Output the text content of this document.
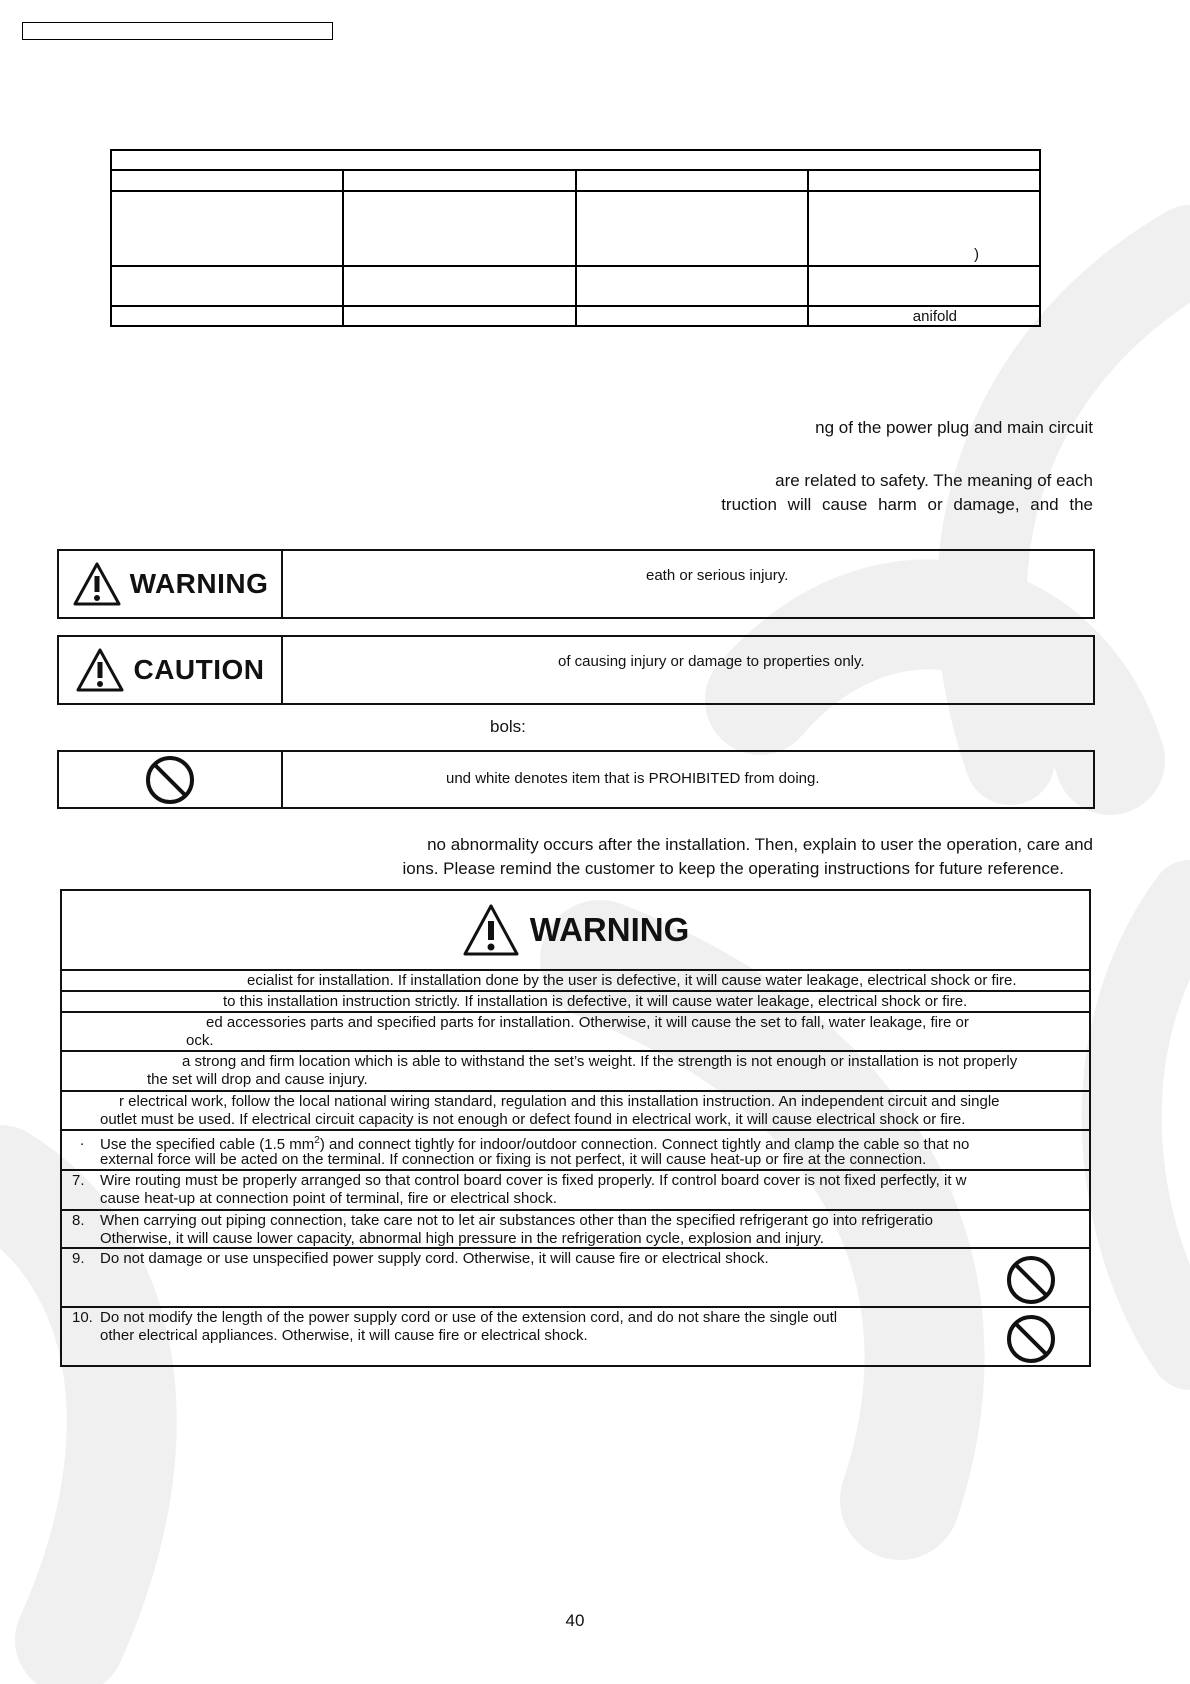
			)

			anifold
ng of the power plug and main circuit
are related to safety. The meaning of each
truction will cause harm or damage, and the
WARNING	eath or serious injury.
CAUTION	of causing injury or damage to properties only.
bols:
und white denotes item that is PROHIBITED from doing.
no abnormality occurs after the installation. Then, explain to user the operation, care and
ions. Please remind the customer to keep the operating instructions for future reference.
WARNING
ecialist for installation. If installation done by the user is defective, it will cause water leakage, electrical shock or fire.
to this installation instruction strictly. If installation is defective, it will cause water leakage, electrical shock or fire.
ed accessories parts and specified parts for installation. Otherwise, it will cause the set to fall, water leakage, fire or
ock.
a strong and firm location which is able to withstand the set’s weight. If the strength is not enough or installation is not properly
the set will drop and cause injury.
r electrical work, follow the local national wiring standard, regulation and this installation instruction. An independent circuit and single
outlet must be used. If electrical circuit capacity is not enough or defect found in electrical work, it will cause electrical shock or fire.
. Use the specified cable (1.5 $mm^2$) and connect tightly for indoor/outdoor connection. Connect tightly and clamp the cable so that no
external force will be acted on the terminal. If connection or fixing is not perfect, it will cause heat-up or fire at the connection.
7. Wire routing must be properly arranged so that control board cover is fixed properly. If control board cover is not fixed perfectly, it w
cause heat-up at connection point of terminal, fire or electrical shock.
8. When carrying out piping connection, take care not to let air substances other than the specified refrigerant go into refrigeratio
Otherwise, it will cause lower capacity, abnormal high pressure in the refrigeration cycle, explosion and injury.
9. Do not damage or use unspecified power supply cord. Otherwise, it will cause fire or electrical shock.
10. Do not modify the length of the power supply cord or use of the extension cord, and do not share the single outl
other electrical appliances. Otherwise, it will cause fire or electrical shock.
40
